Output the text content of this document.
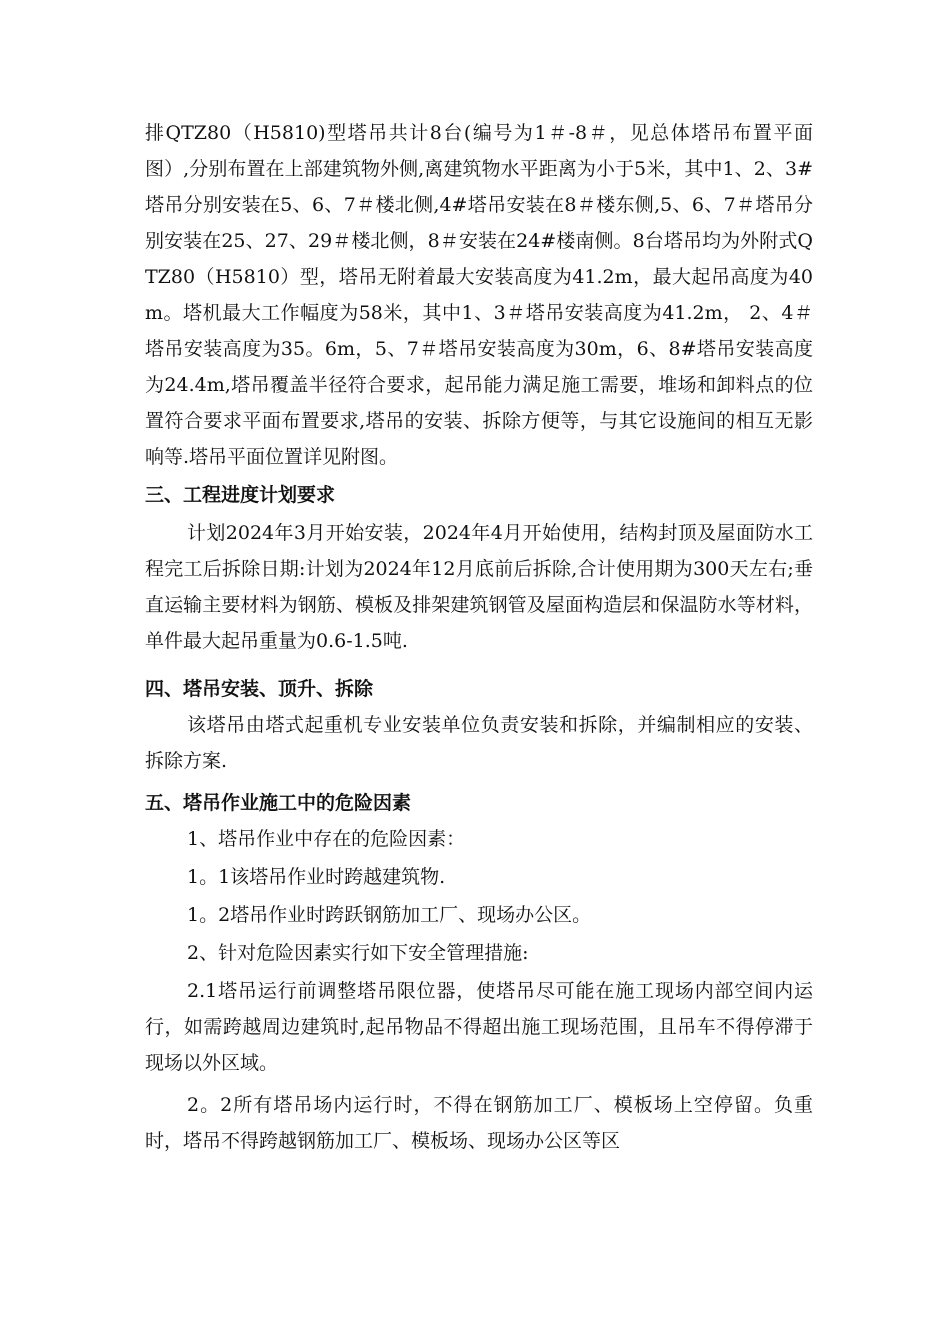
排QTZ80（H5810)型塔吊共计8台(编号为1＃-8＃，见总体塔吊布置平面图）,分别布置在上部建筑物外侧,离建筑物水平距离为小于5米，其中1、2、3#塔吊分别安装在5、6、7＃楼北侧,4#塔吊安装在8＃楼东侧,5、6、7＃塔吊分别安装在25、27、29＃楼北侧，8＃安装在24#楼南侧。8台塔吊均为外附式QTZ80（H5810）型，塔吊无附着最大安装高度为41.2m，最大起吊高度为40 m。塔机最大工作幅度为58米，其中1、3＃塔吊安装高度为41.2m， 2、4＃塔吊安装高度为35。6m，5、7＃塔吊安装高度为30m，6、8#塔吊安装高度为24.4m,塔吊覆盖半径符合要求，起吊能力满足施工需要，堆场和卸料点的位置符合要求平面布置要求,塔吊的安装、拆除方便等，与其它设施间的相互无影响等.塔吊平面位置详见附图。

三、工程进度计划要求

计划2024年3月开始安装，2024年4月开始使用，结构封顶及屋面防水工程完工后拆除日期:计划为2024年12月底前后拆除,合计使用期为300天左右;垂直运输主要材料为钢筋、模板及排架建筑钢管及屋面构造层和保温防水等材料，单件最大起吊重量为0.6-1.5吨.

四、塔吊安装、顶升、拆除

该塔吊由塔式起重机专业安装单位负责安装和拆除，并编制相应的安装、拆除方案.

五、塔吊作业施工中的危险因素

1、塔吊作业中存在的危险因素：

1。1该塔吊作业时跨越建筑物.

1。2塔吊作业时跨跃钢筋加工厂、现场办公区。

2、针对危险因素实行如下安全管理措施:

2.1塔吊运行前调整塔吊限位器，使塔吊尽可能在施工现场内部空间内运行，如需跨越周边建筑时,起吊物品不得超出施工现场范围，且吊车不得停滞于现场以外区域。

2。2所有塔吊场内运行时，不得在钢筋加工厂、模板场上空停留。负重时，塔吊不得跨越钢筋加工厂、模板场、现场办公区等区
